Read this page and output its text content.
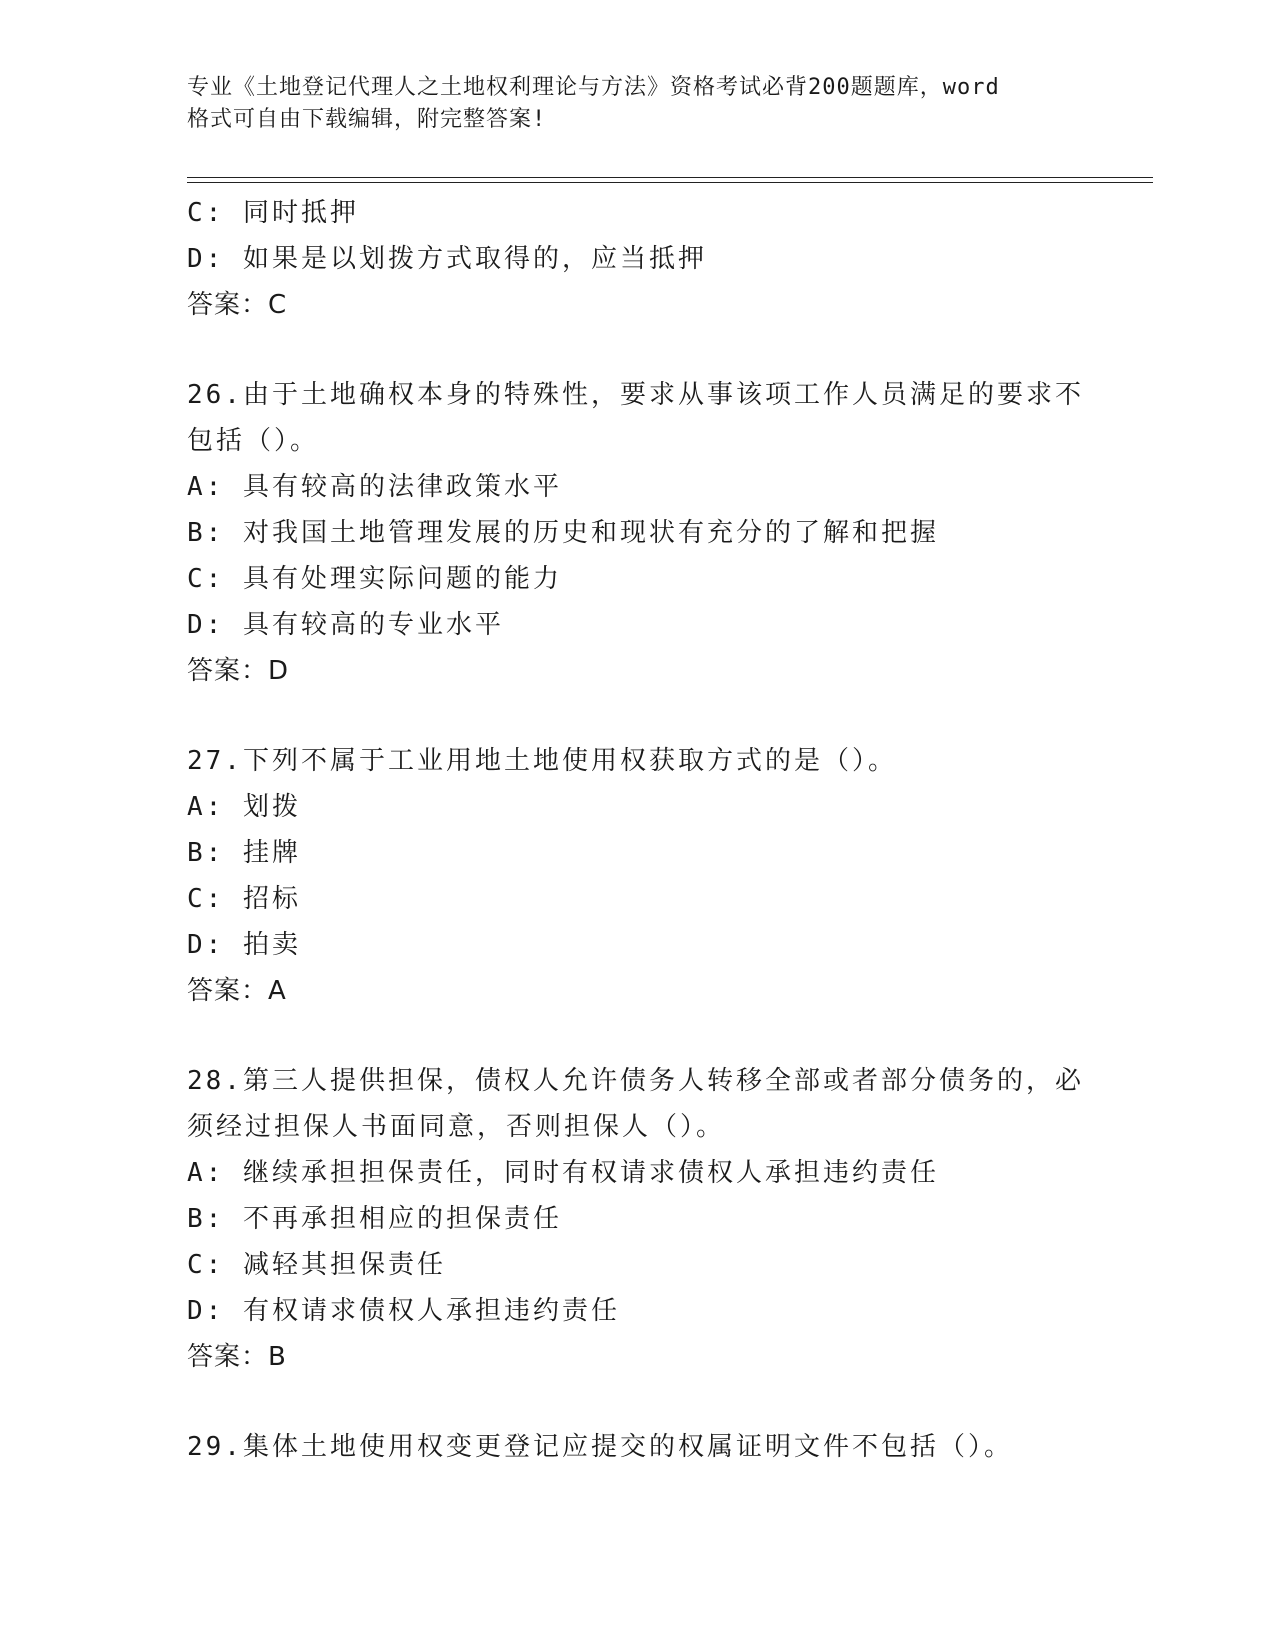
专业《土地登记代理人之土地权利理论与方法》资格考试必背200题题库，word
格式可自由下载编辑，附完整答案!
C: 同时抵押
D: 如果是以划拨方式取得的，应当抵押
答案：C
26.由于土地确权本身的特殊性，要求从事该项工作人员满足的要求不
包括（）。
A: 具有较高的法律政策水平
B: 对我国土地管理发展的历史和现状有充分的了解和把握
C: 具有处理实际问题的能力
D: 具有较高的专业水平
答案：D
27.下列不属于工业用地土地使用权获取方式的是（）。
A: 划拨
B: 挂牌
C: 招标
D: 拍卖
答案：A
28.第三人提供担保，债权人允许债务人转移全部或者部分债务的，必
须经过担保人书面同意，否则担保人（）。
A: 继续承担担保责任，同时有权请求债权人承担违约责任
B: 不再承担相应的担保责任
C: 减轻其担保责任
D: 有权请求债权人承担违约责任
答案：B
29.集体土地使用权变更登记应提交的权属证明文件不包括（）。
